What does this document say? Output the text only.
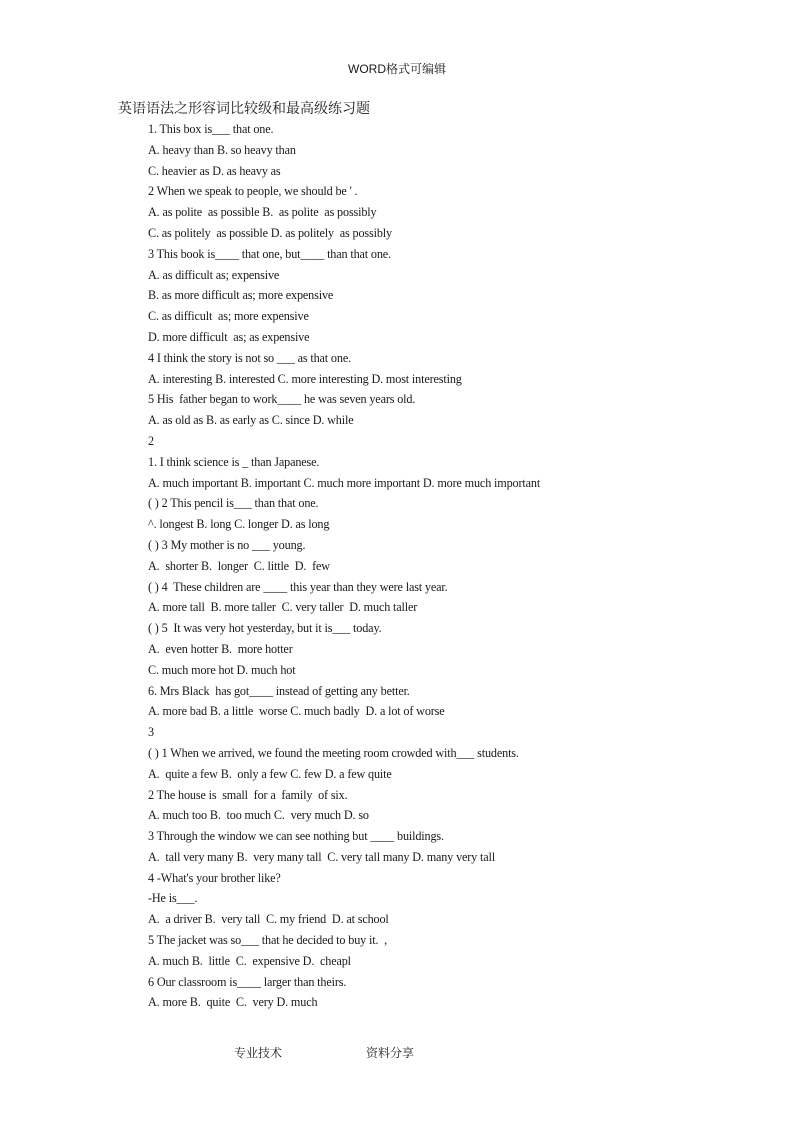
WORD格式可编辑
英语语法之形容词比较级和最高级练习题
1. This box is___ that one.
A. heavy than B. so heavy than
C. heavier as D. as heavy as
2 When we speak to people, we should be ' .
A. as polite  as possible B.  as polite  as possibly
C. as politely  as possible D. as politely  as possibly
3 This book is____ that one, but____ than that one.
A. as difficult as; expensive
B. as more difficult as; more expensive
C. as difficult  as; more expensive
D. more difficult  as; as expensive
4 I think the story is not so ___ as that one.
A. interesting B. interested C. more interesting D. most interesting
5 His  father began to work____ he was seven years old.
A. as old as B. as early as C. since D. while
2
1. I think science is _ than Japanese.
A. much important B. important C. much more important D. more much important
( ) 2 This pencil is___ than that one.
^. longest B. long C. longer D. as long
( ) 3 My mother is no ___ young.
A.  shorter B.  longer  C. little  D.  few
( ) 4  These children are ____ this year than they were last year.
A. more tall  B. more taller  C. very taller  D. much taller
( ) 5  It was very hot yesterday, but it is___ today.
A.  even hotter B.  more hotter
C. much more hot D. much hot
6. Mrs Black  has got____ instead of getting any better.
A. more bad B. a little  worse C. much badly  D. a lot of worse
3
( ) 1 When we arrived, we found the meeting room crowded with___ students.
A.  quite a few B.  only a few C. few D. a few quite
2 The house is  small  for a  family  of six.
A. much too B.  too much C.  very much D. so
3 Through the window we can see nothing but ____ buildings.
A.  tall very many B.  very many tall  C. very tall many D. many very tall
4 -What's your brother like?
-He is___.
A.  a driver B.  very tall  C. my friend  D. at school
5 The jacket was so___ that he decided to buy it.  ,
A. much B.  little  C.  expensive D.  cheapl
6 Our classroom is____ larger than theirs.
A. more B.  quite  C.  very D. much
专业技术	资料分享
